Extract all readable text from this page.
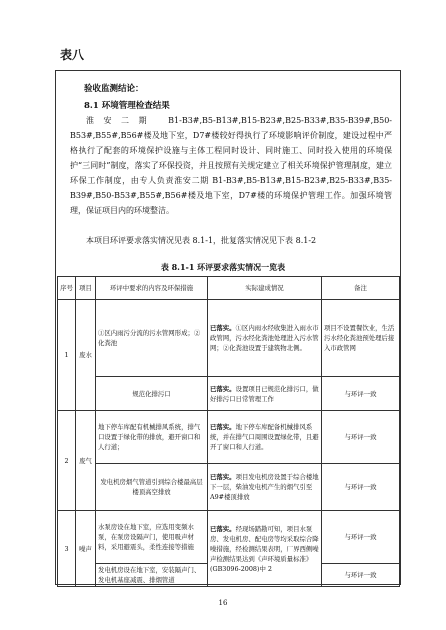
表八
验收监测结论：
8.1 环境管理检查结果
淮安二期 B1-B3#,B5-B13#,B15-B23#,B25-B33#,B35-B39#,B50-B53#,B55#,B56#楼及地下室，D7#楼较好得执行了环境影响评价制度，建设过程中严格执行了配套的环境保护设施与主体工程同时设计、同时施工、同时投入使用的环境保护“三同时”制度，落实了环保投资，并且按照有关规定建立了相关环境保护管理制度，建立环保工作制度，由专人负责淮安二期 B1-B3#,B5-B13#,B15-B23#,B25-B33#,B35-B39#,B50-B53#,B55#,B56#楼及地下室，D7#楼的环境保护管理工作。加强环境管理，保证项目内的环境整洁。
本项目环评要求落实情况见表 8.1-1，批复落实情况见下表 8.1-2
表 8.1-1 环评要求落实情况一览表
序号	项目	环评中要求的内容及环保措施	实际建成情况	备注
1	废水	①区内雨污分流的污水管网形成；②化粪池	已落实。①区内雨水经收集进入雨水市政管网，污水经化粪池处理进入污水管网；②化粪池设置于建筑物北侧。	项目不设置餐饮业，生活污水经化粪池预处理后接入市政管网
		规范化排污口	已落实。设置项目已规范化排污口，做好排污口日常管理工作	与环评一致
2	废气	地下停车库配有机械排风系统，排气口设置于绿化带的排放，避开窗口和人行道；	已落实。地下停车库配备机械排风系统，并在排气口周围设置绿化带，且避开了窗口和人行道。	与环评一致
		发电机房烟气管道引到综合楼最高层楼顶高空排放	已落实。项目发电机房设置于综合楼地下一层，柴油发电机产生的烟气引至 A9#楼顶排放	与环评一致
3	噪声	水泵房设在地下室，应选用变频水泵，在泵房设隔声门，使用吸声材料，采用避震头，柔性连接等措施	已落实。经现场踏勘可知，项目水泵房、发电机房、配电房等均采取综合降噪措施，经检测结果表明，厂界西侧噪声检测结果达到《声环境质量标准》(GB3096-2008)中 2	与环评一致
		发电机房设在地下室，安装隔声门、发电机基座减震、排烟管道		与环评一致
16
